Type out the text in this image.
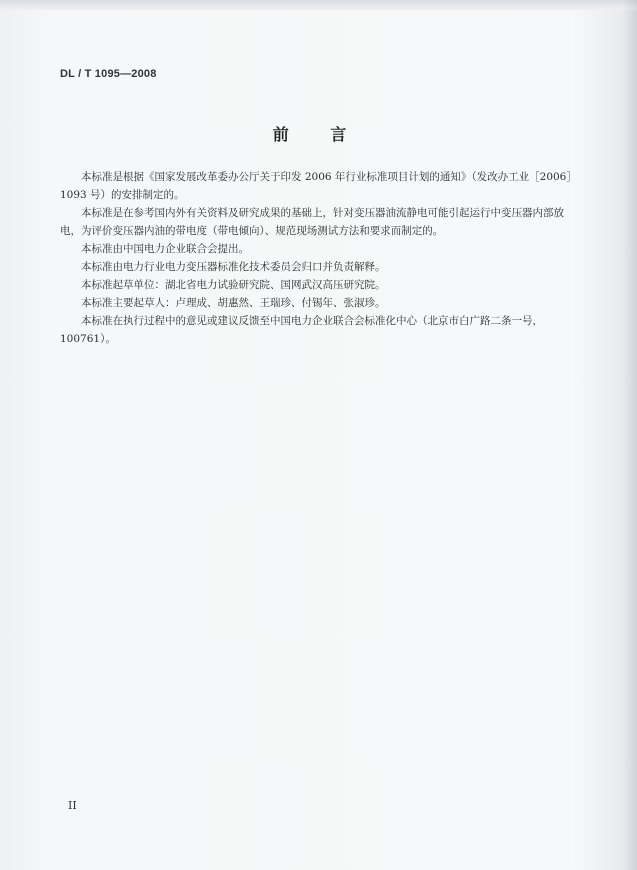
DL / T 1095—2008
前 言

本标准是根据《国家发展改革委办公厅关于印发 2006 年行业标准项目计划的通知》（发改办工业［2006］1093 号）的安排制定的。

本标准是在参考国内外有关资料及研究成果的基础上，针对变压器油流静电可能引起运行中变压器内部放电，为评价变压器内油的带电度（带电倾向）、规范现场测试方法和要求而制定的。

本标准由中国电力企业联合会提出。

本标准由电力行业电力变压器标准化技术委员会归口并负责解释。

本标准起草单位：湖北省电力试验研究院、国网武汉高压研究院。

本标准主要起草人：卢理成、胡惠然、王瑞珍、付锡年、张淑珍。

本标准在执行过程中的意见或建议反馈至中国电力企业联合会标准化中心（北京市白广路二条一号，100761）。

II
